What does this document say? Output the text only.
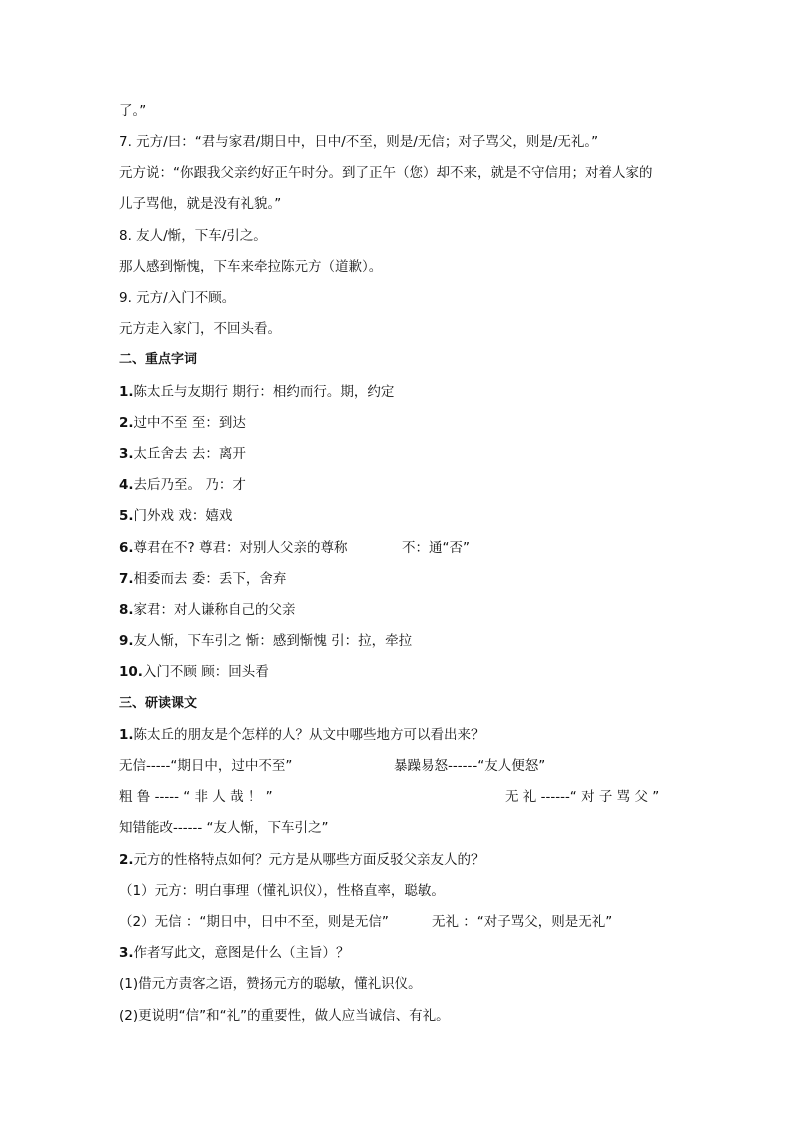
了。”
7. 元方/曰：“君与家君/期日中，日中/不至，则是/无信；对子骂父，则是/无礼。”
元方说：“你跟我父亲约好正午时分。到了正午（您）却不来，就是不守信用；对着人家的
儿子骂他，就是没有礼貌。”
8. 友人/惭，下车/引之。
那人感到惭愧，下车来牵拉陈元方（道歉）。
9. 元方/入门不顾。
元方走入家门，不回头看。
二、重点字词
1.陈太丘与友期行 期行：相约而行。期，约定
2.过中不至 至：到达
3.太丘舍去 去：离开
4.去后乃至。 乃：才
5.门外戏 戏：嬉戏
6.尊君在不? 尊君：对别人父亲的尊称	不：通“否”
7.相委而去 委：丢下，舍弃
8.家君：对人谦称自己的父亲
9.友人惭，下车引之 惭：感到惭愧 引：拉，牵拉
10.入门不顾 顾：回头看
三、研读课文
1.陈太丘的朋友是个怎样的人？从文中哪些地方可以看出来？
无信-----“期日中，过中不至”	暴躁易怒------“友人便怒”
粗 鲁 ----- “ 非 人 哉 ！ ”	无 礼 ------“ 对 子 骂 父 ”
知错能改------ “友人惭，下车引之”
2.元方的性格特点如何？元方是从哪些方面反驳父亲友人的？
（1）元方：明白事理（懂礼识仪），性格直率，聪敏。
（2）无信 ：“期日中，日中不至，则是无信”	无礼 ：“对子骂父，则是无礼”
3.作者写此文，意图是什么（主旨）？
(1)借元方责客之语，赞扬元方的聪敏，懂礼识仪。
(2)更说明“信”和“礼”的重要性，做人应当诚信、有礼。
